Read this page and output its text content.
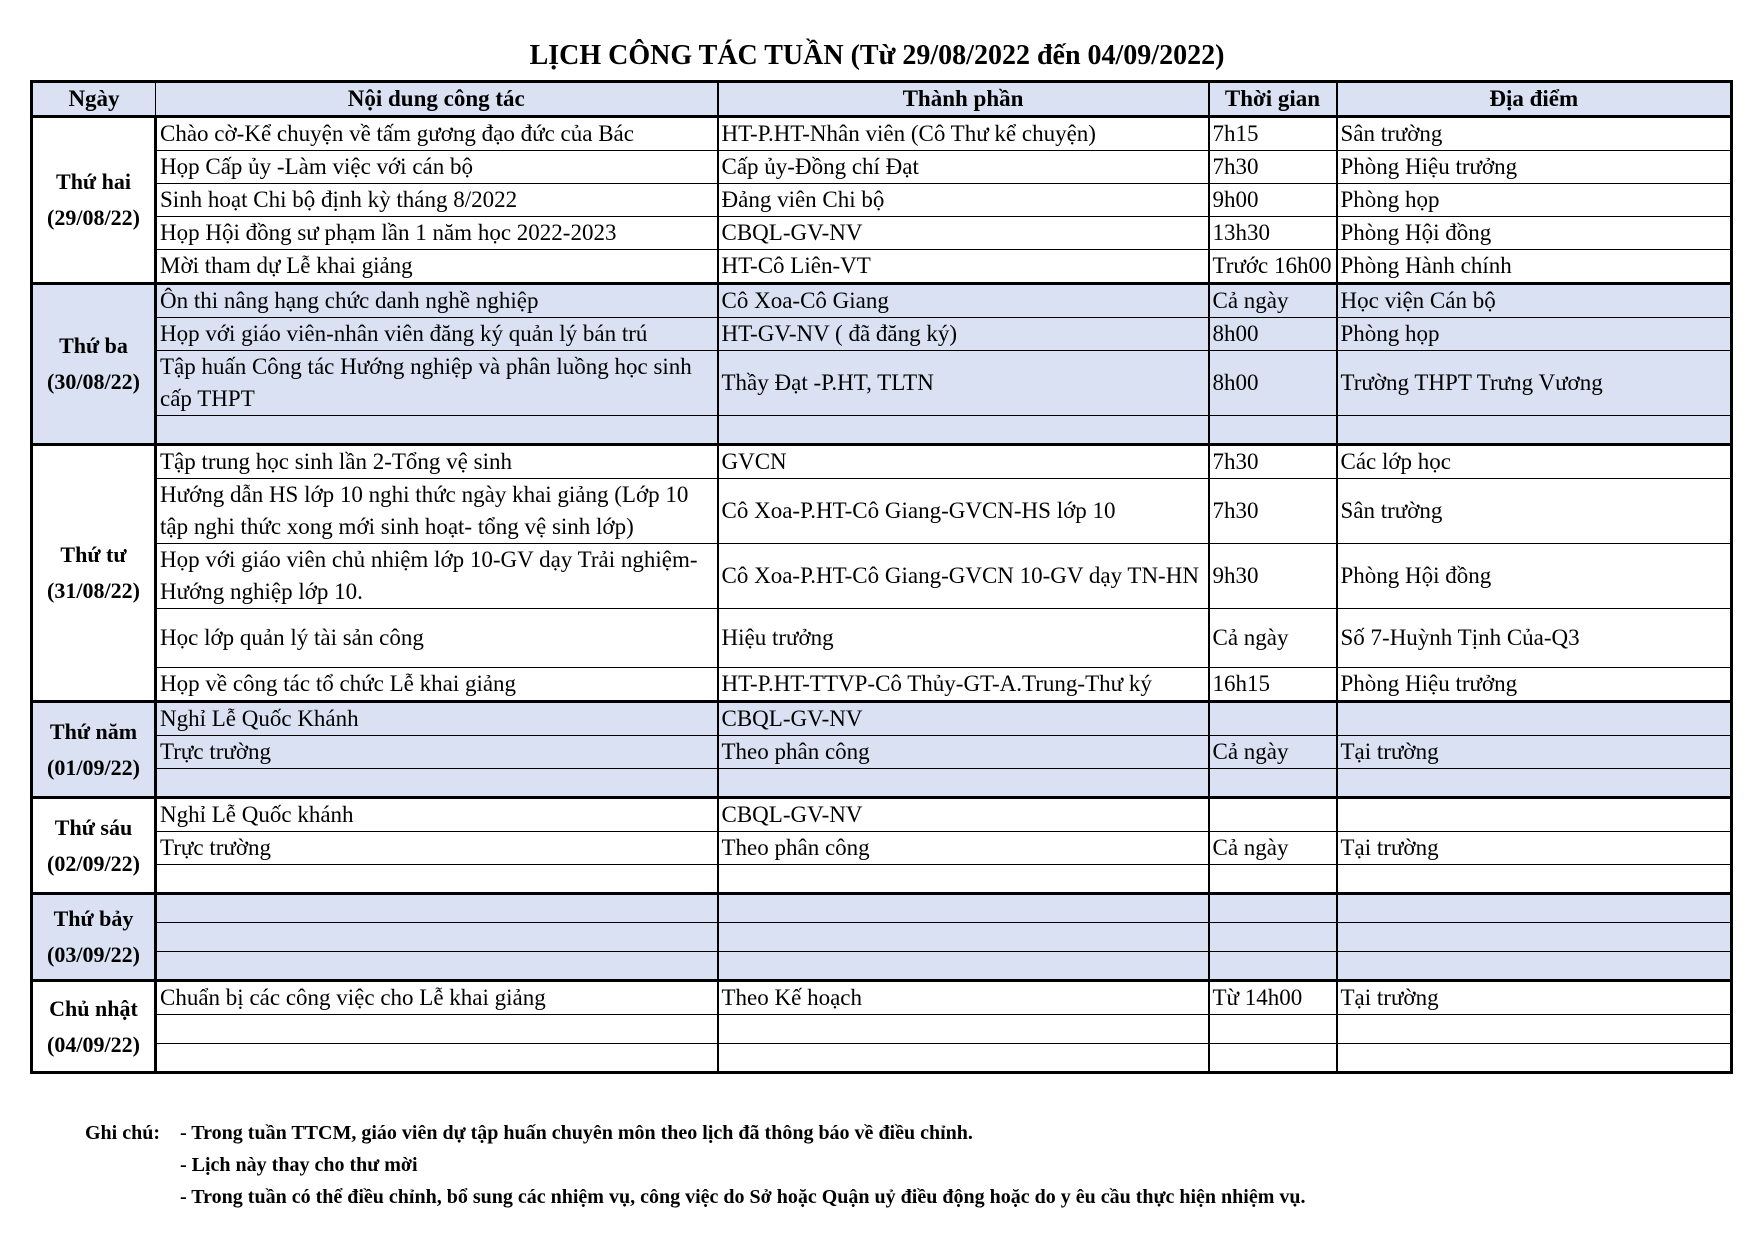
LỊCH CÔNG TÁC TUẦN (Từ 29/08/2022 đến 04/09/2022)
Ngày	Nội dung công tác	Thành phần	Thời gian	Địa điểm

Thứ hai
(29/08/22)	Chào cờ-Kể chuyện về tấm gương đạo đức của Bác	HT-P.HT-Nhân viên (Cô Thư kể chuyện)	7h15	Sân trường
	Họp Cấp ủy -Làm việc với cán bộ	Cấp ủy-Đồng chí Đạt	7h30	Phòng Hiệu trưởng
	Sinh hoạt Chi bộ định kỳ tháng 8/2022	Đảng viên Chi bộ	9h00	Phòng họp
	Họp Hội đồng sư phạm lần 1 năm học 2022-2023	CBQL-GV-NV	13h30	Phòng Hội đồng
	Mời tham dự Lễ khai giảng	HT-Cô Liên-VT	Trước 16h00	Phòng Hành chính

Thứ ba
(30/08/22)	Ôn thi nâng hạng chức danh nghề nghiệp	Cô Xoa-Cô Giang	Cả ngày	Học viện Cán bộ
	Họp với giáo viên-nhân viên đăng ký quản lý bán trú	HT-GV-NV ( đã đăng ký)	8h00	Phòng họp
	Tập huấn Công tác Hướng nghiệp và phân luồng học sinh cấp THPT	Thầy Đạt -P.HT, TLTN	8h00	Trường THPT Trưng Vương

Thứ tư
(31/08/22)	Tập trung học sinh lần 2-Tổng vệ sinh	GVCN	7h30	Các lớp học
	Hướng dẫn HS lớp 10 nghi thức ngày khai giảng (Lớp 10 tập nghi thức xong mới sinh hoạt- tổng vệ sinh lớp)	Cô Xoa-P.HT-Cô Giang-GVCN-HS lớp 10	7h30	Sân trường
	Họp với giáo viên chủ nhiệm lớp 10-GV dạy Trải nghiệm-Hướng nghiệp lớp 10.	Cô Xoa-P.HT-Cô Giang-GVCN 10-GV dạy TN-HN	9h30	Phòng Hội đồng
	Học lớp quản lý tài sản công	Hiệu trưởng	Cả ngày	Số 7-Huỳnh Tịnh Của-Q3
	Họp về công tác tổ chức Lễ khai giảng	HT-P.HT-TTVP-Cô Thủy-GT-A.Trung-Thư ký	16h15	Phòng Hiệu trưởng

Thứ năm
(01/09/22)	Nghỉ Lễ Quốc Khánh	CBQL-GV-NV		
	Trực trường	Theo phân công	Cả ngày	Tại trường

Thứ sáu
(02/09/22)	Nghỉ Lễ Quốc khánh	CBQL-GV-NV		
	Trực trường	Theo phân công	Cả ngày	Tại trường

Thứ bảy
(03/09/22)				

Chủ nhật
(04/09/22)	Chuẩn bị các công việc cho Lễ khai giảng	Theo Kế hoạch	Từ 14h00	Tại trường

Ghi chú: - Trong tuần TTCM, giáo viên dự tập huấn chuyên môn theo lịch đã thông báo về điều chỉnh.
- Lịch này thay cho thư mời
- Trong tuần có thể điều chỉnh, bổ sung các nhiệm vụ, công việc do Sở hoặc Quận uỷ điều động hoặc do y êu cầu thực hiện nhiệm vụ.
